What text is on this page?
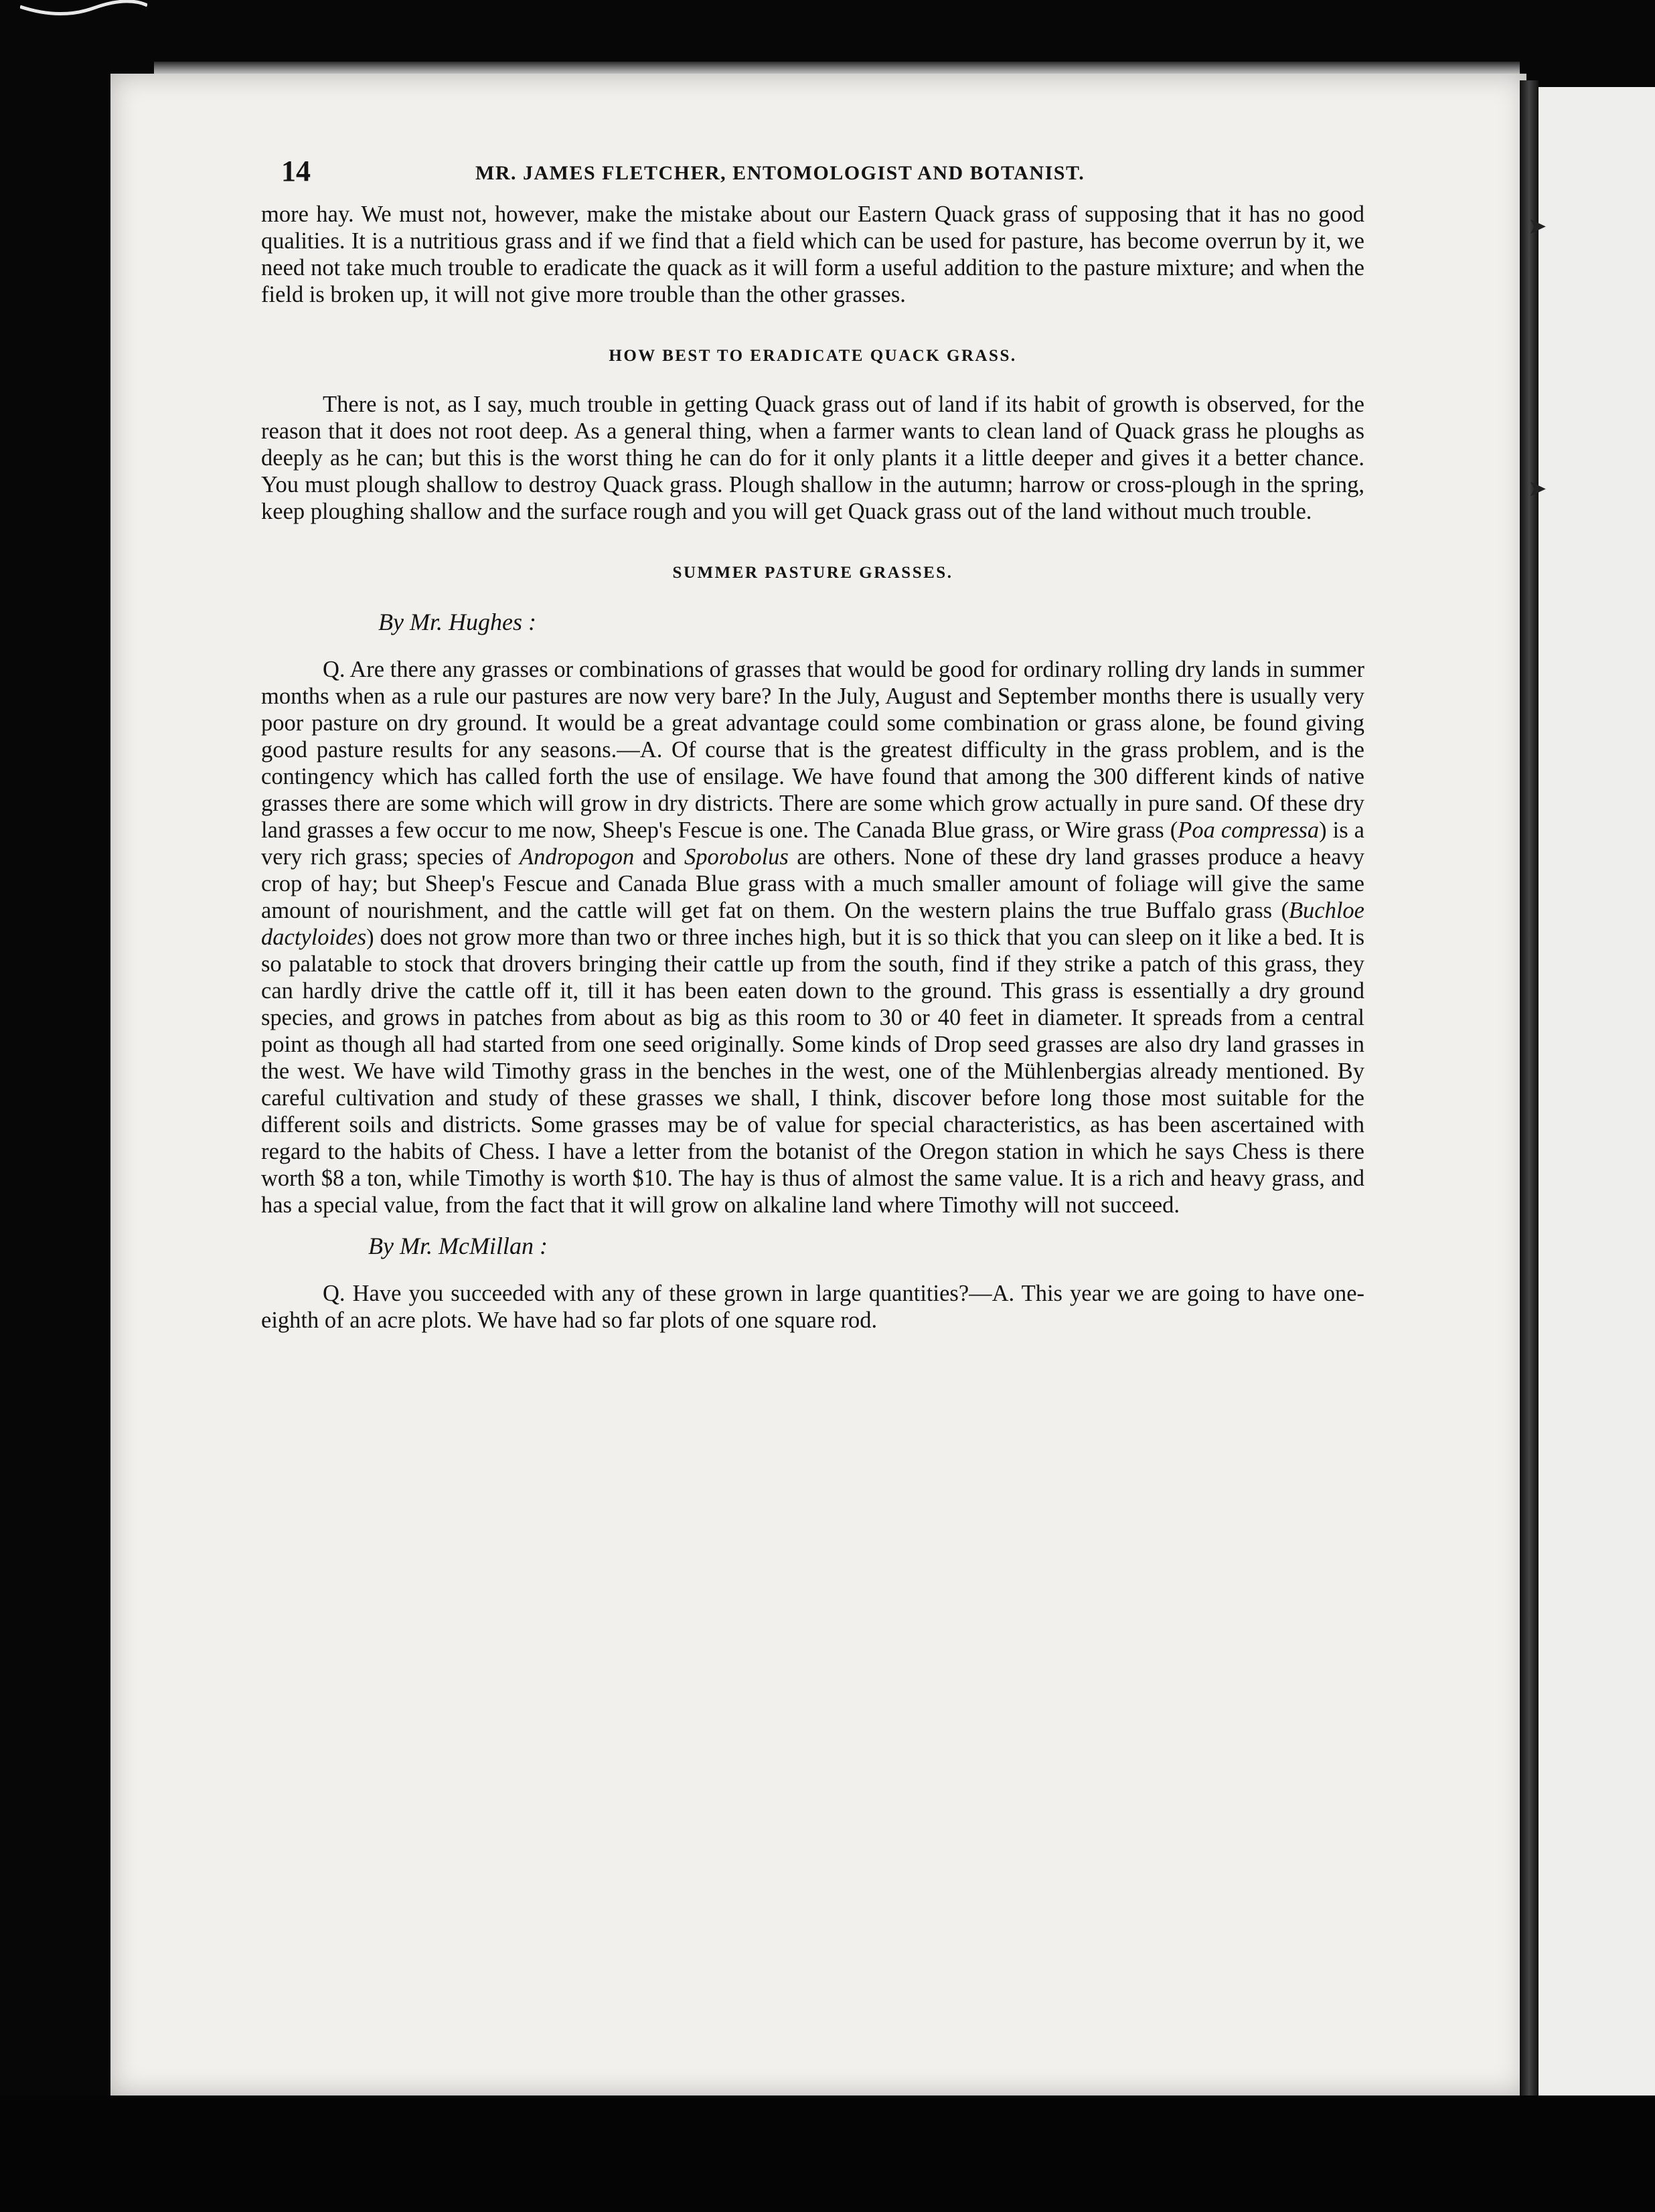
➤
➤
14	MR. JAMES FLETCHER, ENTOMOLOGIST AND BOTANIST.

more hay. We must not, however, make the mistake about our Eastern Quack grass of supposing that it has no good qualities. It is a nutritious grass and if we find that a field which can be used for pasture, has become overrun by it, we need not take much trouble to eradicate the quack as it will form a useful addition to the pasture mixture; and when the field is broken up, it will not give more trouble than the other grasses.

HOW BEST TO ERADICATE QUACK GRASS.

There is not, as I say, much trouble in getting Quack grass out of land if its habit of growth is observed, for the reason that it does not root deep. As a general thing, when a farmer wants to clean land of Quack grass he ploughs as deeply as he can; but this is the worst thing he can do for it only plants it a little deeper and gives it a better chance. You must plough shallow to destroy Quack grass. Plough shallow in the autumn; harrow or cross-plough in the spring, keep ploughing shallow and the surface rough and you will get Quack grass out of the land without much trouble.

SUMMER PASTURE GRASSES.
By Mr. Hughes :

Q. Are there any grasses or combinations of grasses that would be good for ordinary rolling dry lands in summer months when as a rule our pastures are now very bare? In the July, August and September months there is usually very poor pasture on dry ground. It would be a great advantage could some combination or grass alone, be found giving good pasture results for any seasons.—A. Of course that is the greatest difficulty in the grass problem, and is the contingency which has called forth the use of ensilage. We have found that among the 300 different kinds of native grasses there are some which will grow in dry districts. There are some which grow actually in pure sand. Of these dry land grasses a few occur to me now, Sheep's Fescue is one. The Canada Blue grass, or Wire grass (Poa compressa) is a very rich grass; species of Andropogon and Sporobolus are others. None of these dry land grasses produce a heavy crop of hay; but Sheep's Fescue and Canada Blue grass with a much smaller amount of foliage will give the same amount of nourishment, and the cattle will get fat on them. On the western plains the true Buffalo grass (Buchloe dactyloides) does not grow more than two or three inches high, but it is so thick that you can sleep on it like a bed. It is so palatable to stock that drovers bringing their cattle up from the south, find if they strike a patch of this grass, they can hardly drive the cattle off it, till it has been eaten down to the ground. This grass is essentially a dry ground species, and grows in patches from about as big as this room to 30 or 40 feet in diameter. It spreads from a central point as though all had started from one seed originally. Some kinds of Drop seed grasses are also dry land grasses in the west. We have wild Timothy grass in the benches in the west, one of the Mühlenbergias already mentioned. By careful cultivation and study of these grasses we shall, I think, discover before long those most suitable for the different soils and districts. Some grasses may be of value for special characteristics, as has been ascertained with regard to the habits of Chess. I have a letter from the botanist of the Oregon station in which he says Chess is there worth $8 a ton, while Timothy is worth $10. The hay is thus of almost the same value. It is a rich and heavy grass, and has a special value, from the fact that it will grow on alkaline land where Timothy will not succeed.

By Mr. McMillan :

Q. Have you succeeded with any of these grown in large quantities?—A. This year we are going to have one-eighth of an acre plots. We have had so far plots of one square rod.
